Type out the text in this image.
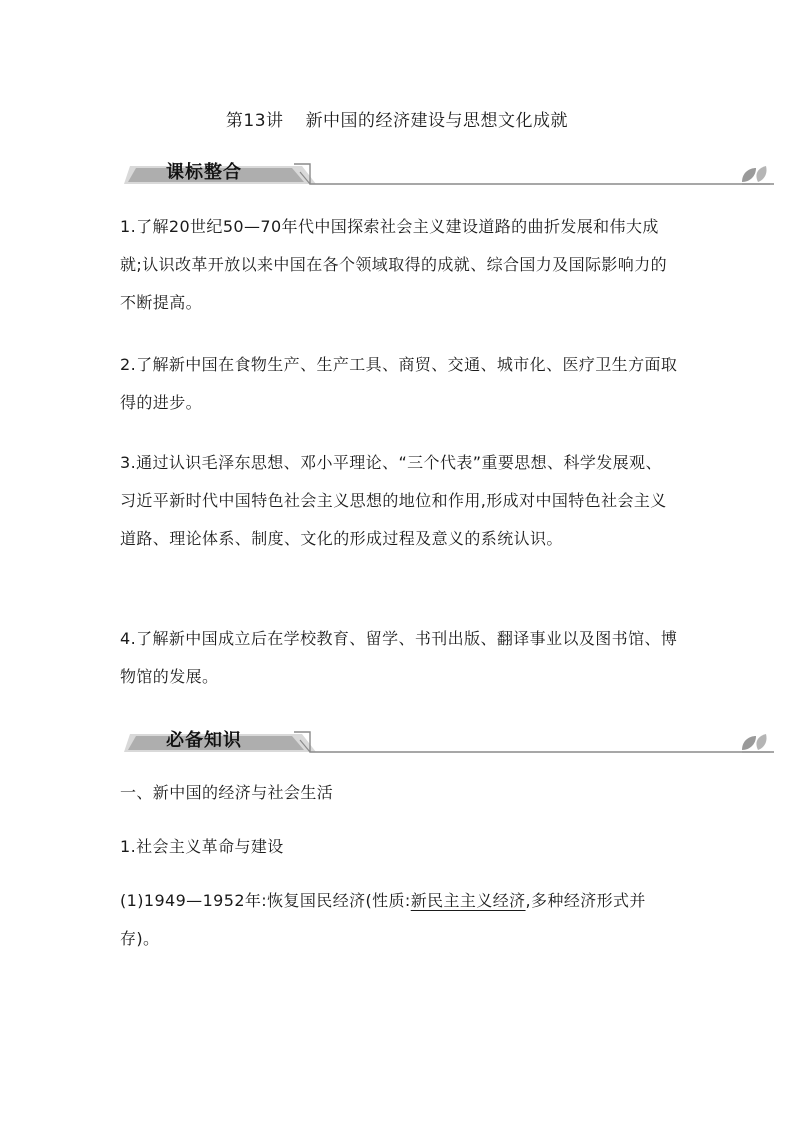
第13讲 新中国的经济建设与思想文化成就
课标整合
1.了解20世纪50—70年代中国探索社会主义建设道路的曲折发展和伟大成就;认识改革开放以来中国在各个领域取得的成就、综合国力及国际影响力的不断提高。
2.了解新中国在食物生产、生产工具、商贸、交通、城市化、医疗卫生方面取得的进步。
3.通过认识毛泽东思想、邓小平理论、“三个代表”重要思想、科学发展观、习近平新时代中国特色社会主义思想的地位和作用,形成对中国特色社会主义道路、理论体系、制度、文化的形成过程及意义的系统认识。
4.了解新中国成立后在学校教育、留学、书刊出版、翻译事业以及图书馆、博物馆的发展。
必备知识
一、新中国的经济与社会生活
1.社会主义革命与建设
(1)1949—1952年:恢复国民经济(性质:新民主主义经济,多种经济形式并存)。
